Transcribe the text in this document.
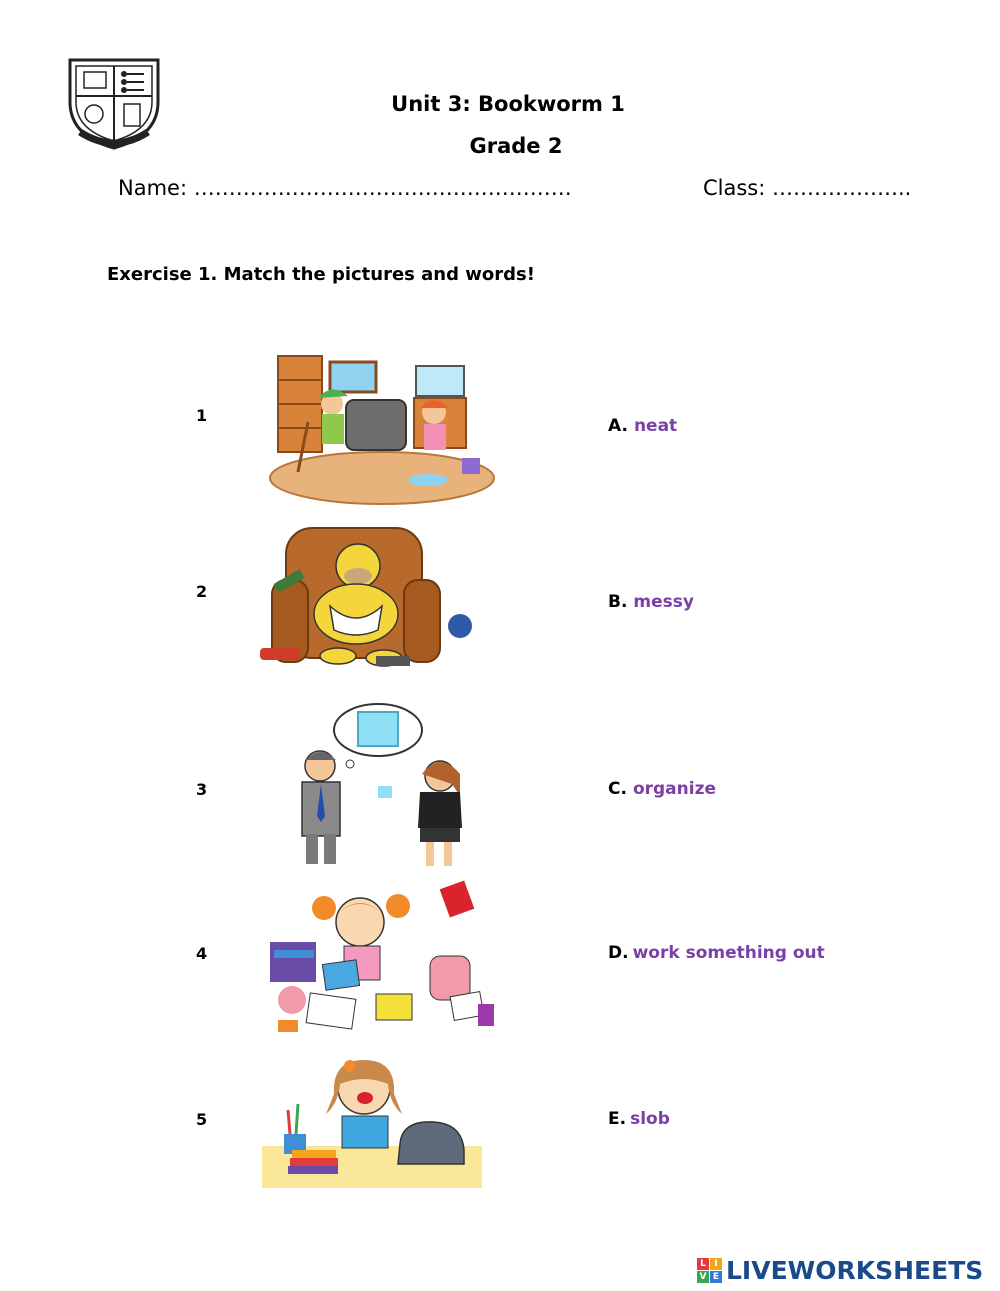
Unit 3: Bookworm 1
Grade 2
Name: ………………………………………………	Class: ………………..
Exercise 1. Match the pictures and words!
1
2
3
4
5
A. neat
B. messy
C. organize
D. work something out
E. slob
L I
V E LIVEWORKSHEETS
